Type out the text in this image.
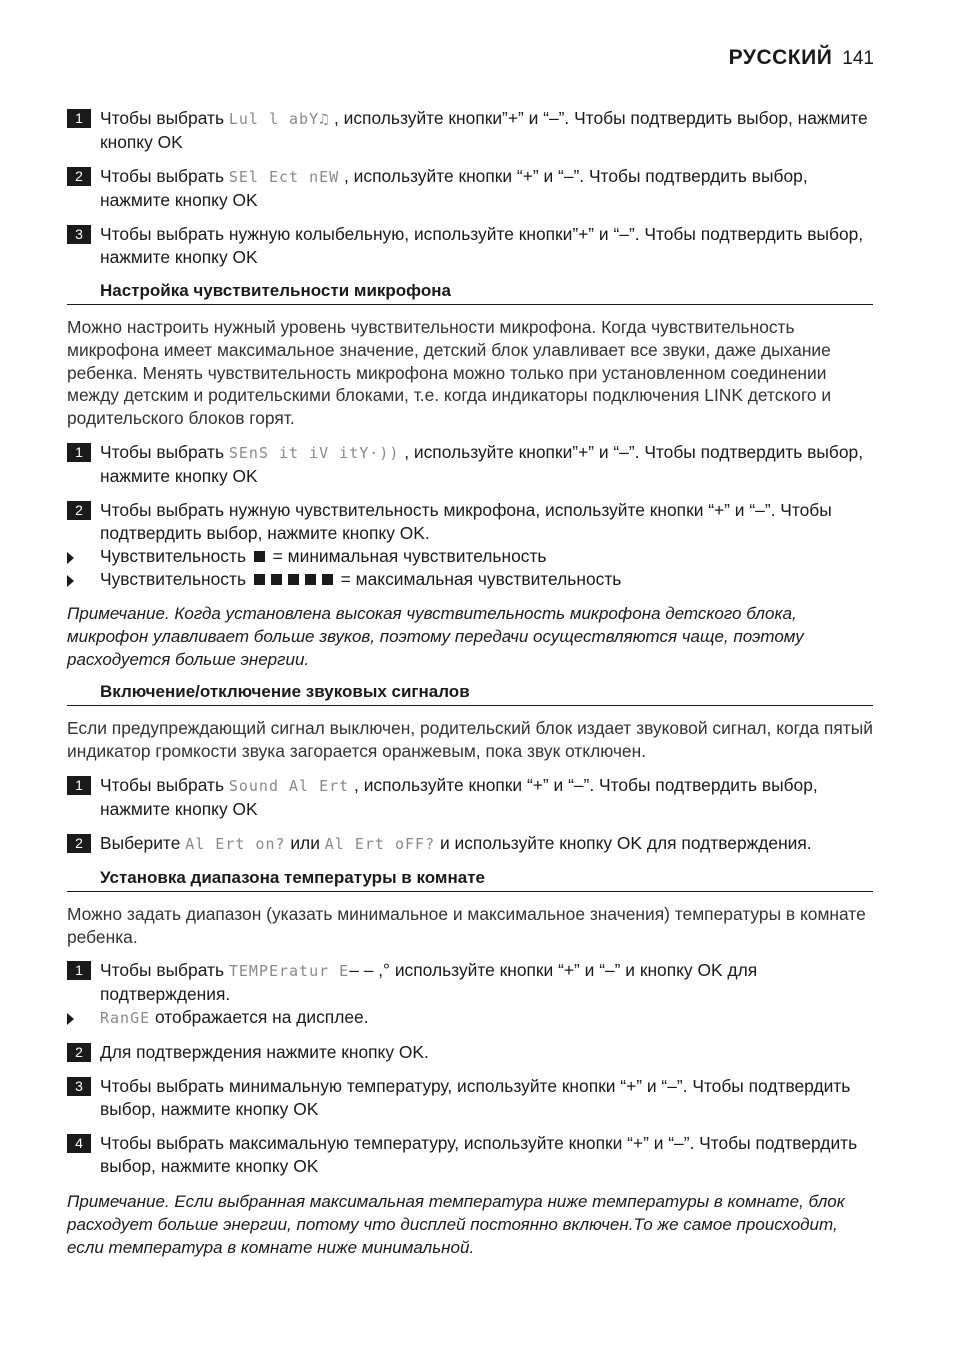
РУССКИЙ 141
1 Чтобы выбрать Lul l abY♫ , используйте кнопки”+” и “–”. Чтобы подтвердить выбор, нажмите кнопку OK
2 Чтобы выбрать SEl Ect nEW , используйте кнопки “+” и “–”. Чтобы подтвердить выбор, нажмите кнопку OK
3 Чтобы выбрать нужную колыбельную, используйте кнопки”+” и “–”. Чтобы подтвердить выбор, нажмите кнопку OK
Настройка чувствительности микрофона
Можно настроить нужный уровень чувствительности микрофона. Когда чувствительность микрофона имеет максимальное значение, детский блок улавливает все звуки, даже дыхание ребенка. Менять чувствительность микрофона можно только при установленном соединении между детским и родительскими блоками, т.е. когда индикаторы подключения LINK детского и родительского блоков горят.
1 Чтобы выбрать SEnS it iV itY·)) , используйте кнопки”+” и “–”. Чтобы подтвердить выбор, нажмите кнопку OK
2 Чтобы выбрать нужную чувствительность микрофона, используйте кнопки “+” и “–”. Чтобы подтвердить выбор, нажмите кнопку OK.
Чувствительность  = минимальная чувствительность
Чувствительность	= максимальная чувствительность
Примечание. Когда установлена высокая чувствительность микрофона детского блока, микрофон улавливает больше звуков, поэтому передачи осуществляются чаще, поэтому расходуется больше энергии.
Включение/отключение звуковых сигналов
Если предупреждающий сигнал выключен, родительский блок издает звуковой сигнал, когда пятый индикатор громкости звука загорается оранжевым, пока звук отключен.
1 Чтобы выбрать Sound Al Ert , используйте кнопки “+” и “–”. Чтобы подтвердить выбор, нажмите кнопку OK
2 Выберите Al Ert on? или Al Ert oFF? и используйте кнопку OK для подтверждения.
Установка диапазона температуры в комнате
Можно задать диапазон (указать минимальное и максимальное значения) температуры в комнате ребенка.
1 Чтобы выбрать TEMPEratur E– – ,° используйте кнопки “+” и “–” и кнопку OK для подтверждения.
RanGE отображается на дисплее.
2 Для подтверждения нажмите кнопку OK.
3 Чтобы выбрать минимальную температуру, используйте кнопки “+” и “–”. Чтобы подтвердить выбор, нажмите кнопку OK
4 Чтобы выбрать максимальную температуру, используйте кнопки “+” и “–”. Чтобы подтвердить выбор, нажмите кнопку OK
Примечание. Если выбранная максимальная температура ниже температуры в комнате, блок расходует больше энергии, потому что дисплей постоянно включен.То же самое происходит, если температура в комнате ниже минимальной.
